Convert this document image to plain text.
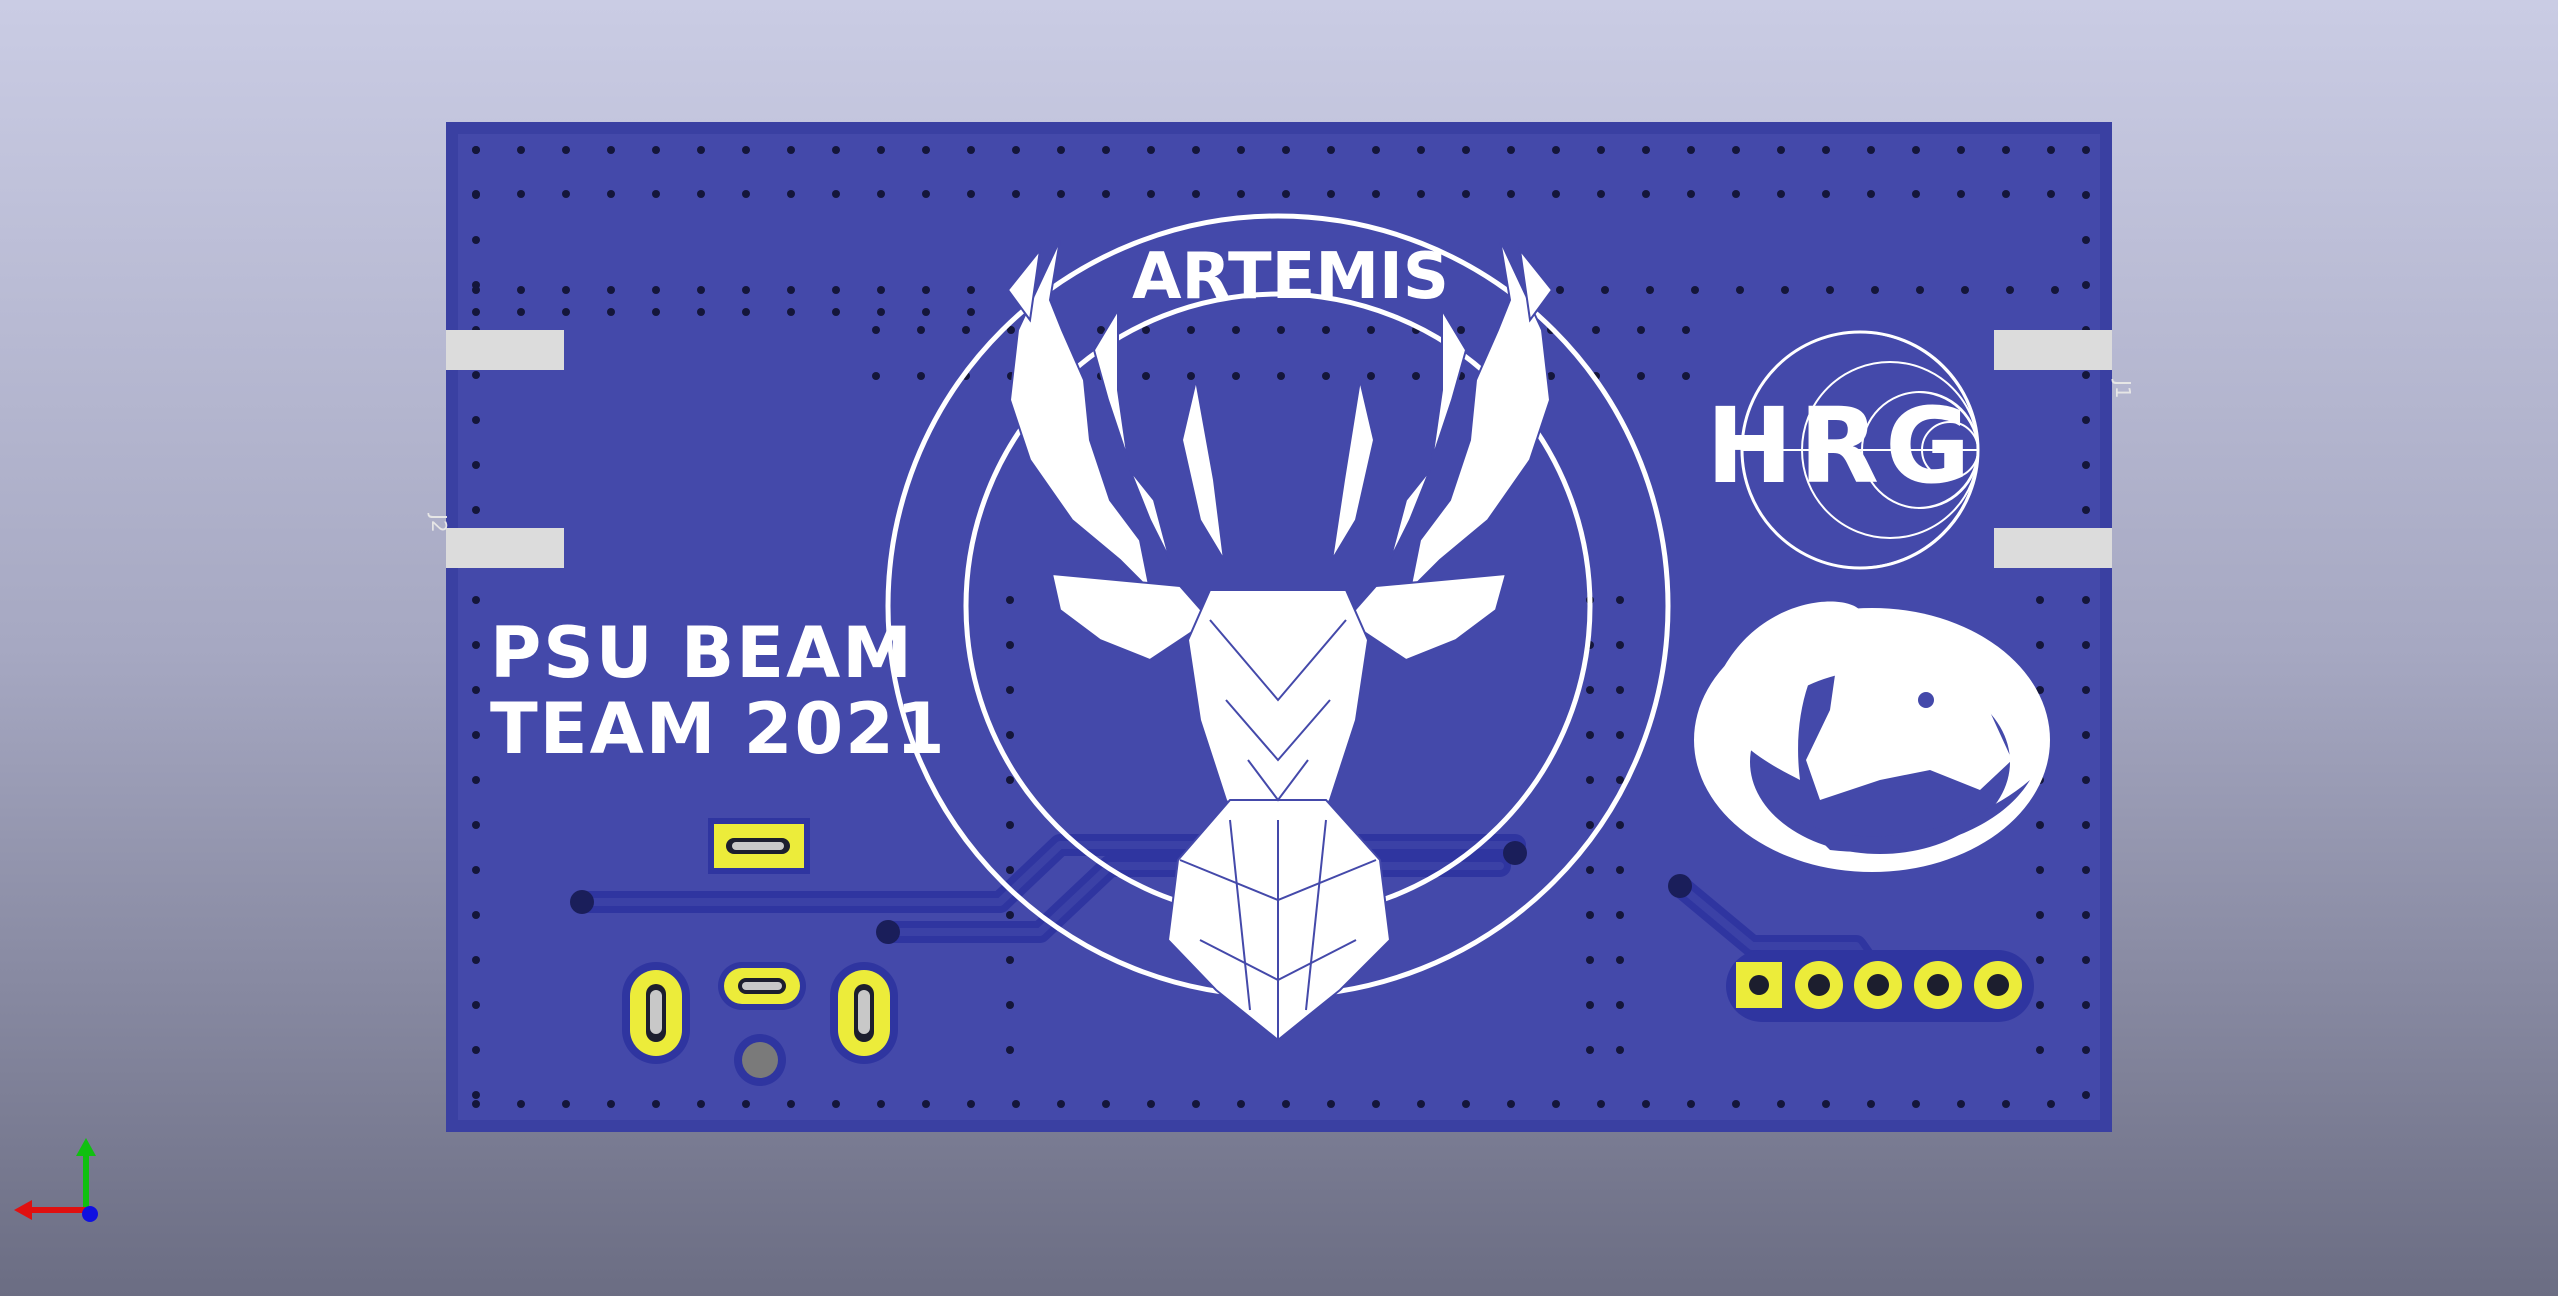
J2
J1
ARTEMIS
HRG
PSU BEAM
TEAM 2021
